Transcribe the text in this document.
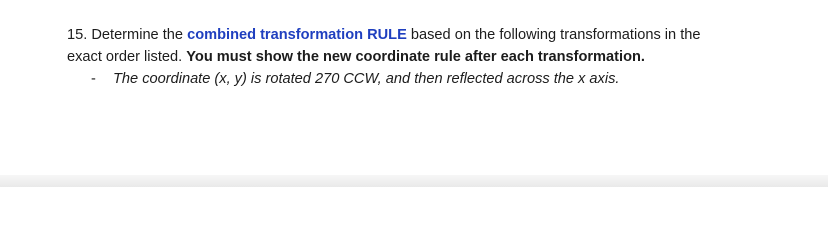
15. Determine the combined transformation RULE based on the following transformations in the
exact order listed. You must show the new coordinate rule after each transformation.
- The coordinate (x, y) is rotated 270 CCW, and then reflected across the x axis.
